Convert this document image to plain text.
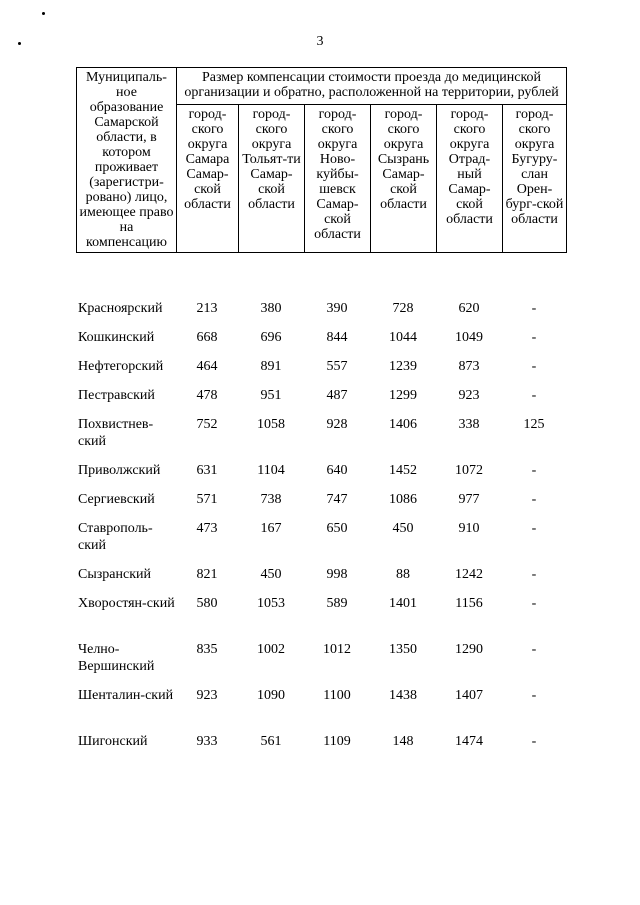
3
Муниципаль-ное образование Самарской области, в котором проживает (зарегистри-ровано) лицо, имеющее право на компенсацию	Размер компенсации стоимости проезда до медицинской организации и обратно, расположенной на территории, рублей					
	город-ского округа Самара Самар-ской области	город-ского округа Тольят-ти Самар-ской области	город-ского округа Ново-куйбы-шевск Самар-ской области	город-ского округа Сызрань Самар-ской области	город-ского округа Отрад-ный Самар-ской области	город-ского округа Бугуру-слан Орен-бург-ской области
Красноярский	213	380	390	728	620	-
Кошкинский	668	696	844	1044	1049	-
Нефтегорский	464	891	557	1239	873	-
Пестравский	478	951	487	1299	923	-
Похвистнев-ский	752	1058	928	1406	338	125
Приволжский	631	1104	640	1452	1072	-
Сергиевский	571	738	747	1086	977	-
Ставрополь-ский	473	167	650	450	910	-
Сызранский	821	450	998	88	1242	-
Хворостян-ский	580	1053	589	1401	1156	-
Челно-Вершинский	835	1002	1012	1350	1290	-
Шенталин-ский	923	1090	1100	1438	1407	-
Шигонский	933	561	1109	148	1474	-
